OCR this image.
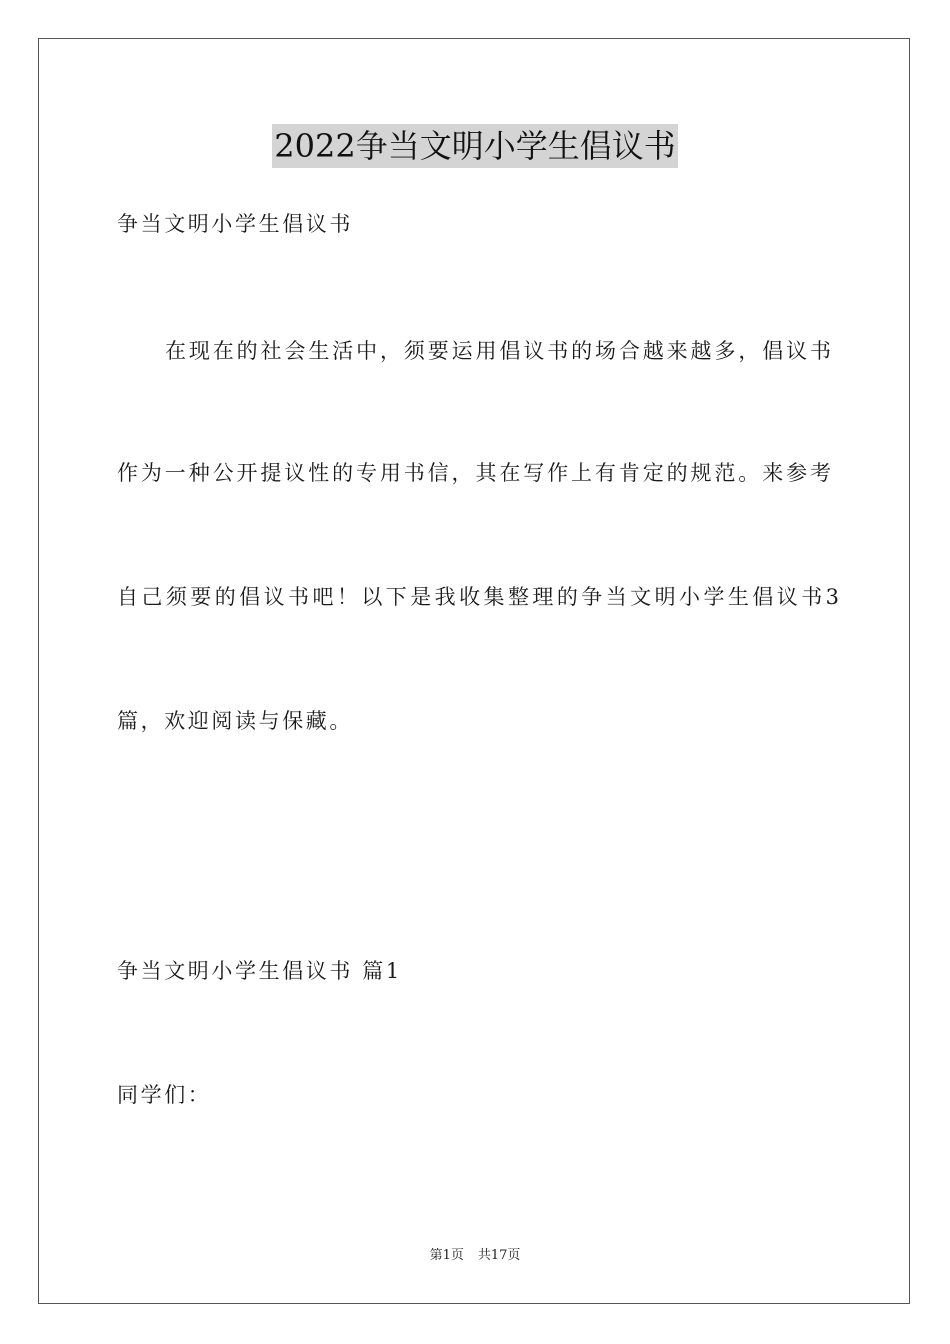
2022争当文明小学生倡议书
争当文明小学生倡议书
在现在的社会生活中，须要运用倡议书的场合越来越多，倡议书
作为一种公开提议性的专用书信，其在写作上有肯定的规范。来参考
自己须要的倡议书吧！以下是我收集整理的争当文明小学生倡议书3
篇，欢迎阅读与保藏。
争当文明小学生倡议书 篇1
同学们：
第1页 共17页
